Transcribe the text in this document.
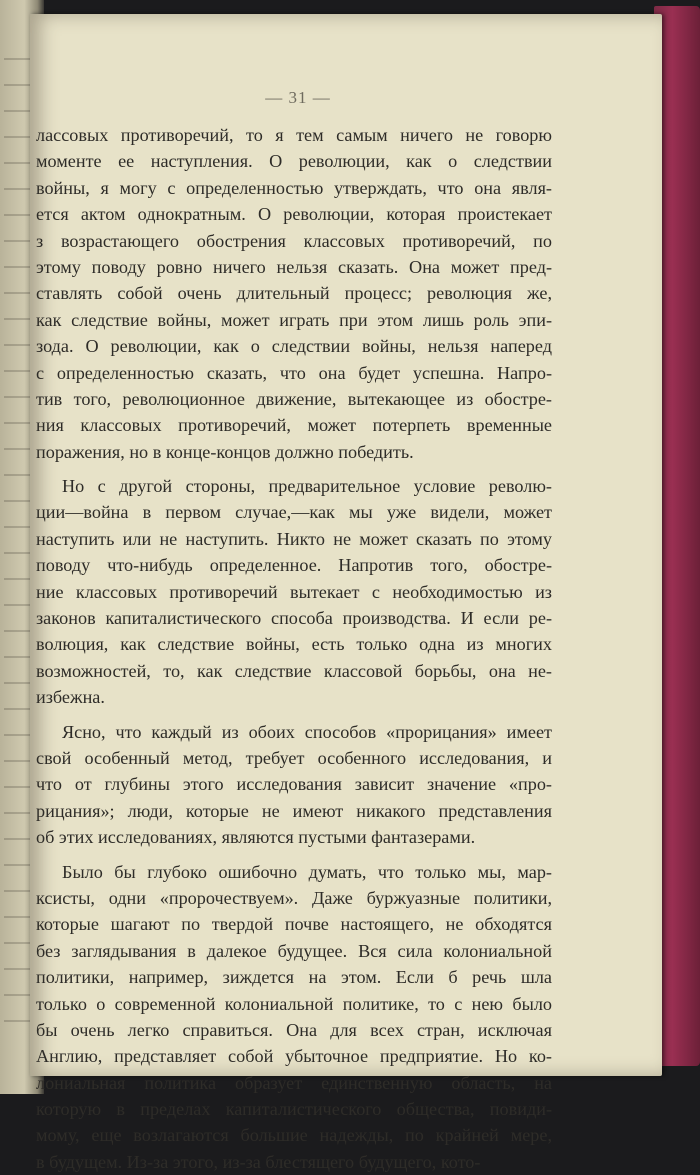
— 31 —
лассовых противоречий, то я тем самым ничего не говорю
моменте ее наступления. О революции, как о следствии
войны, я могу с определенностью утверждать, что она явля-
ется актом однократным. О революции, которая проистекает
з возрастающего обострения классовых противоречий, по
этому поводу ровно ничего нельзя сказать. Она может пред-
ставлять собой очень длительный процесс; революция же,
как следствие войны, может играть при этом лишь роль эпи-
зода. О революции, как о следствии войны, нельзя наперед
с определенностью сказать, что она будет успешна. Напро-
тив того, революционное движение, вытекающее из обостре-
ния классовых противоречий, может потерпеть временные
поражения, но в конце-концов должно победить.
Но с другой стороны, предварительное условие револю-
ции—война в первом случае,—как мы уже видели, может
наступить или не наступить. Никто не может сказать по этому
поводу что-нибудь определенное. Напротив того, обостре-
ние классовых противоречий вытекает с необходимостью из
законов капиталистического способа производства. И если ре-
волюция, как следствие войны, есть только одна из многих
возможностей, то, как следствие классовой борьбы, она не-
избежна.
Ясно, что каждый из обоих способов «прорицания» имеет
свой особенный метод, требует особенного исследования, и
что от глубины этого исследования зависит значение «про-
рицания»; люди, которые не имеют никакого представления
об этих исследованиях, являются пустыми фантазерами.
Было бы глубоко ошибочно думать, что только мы, мар-
ксисты, одни «пророчествуем». Даже буржуазные политики,
которые шагают по твердой почве настоящего, не обходятся
без заглядывания в далекое будущее. Вся сила колониальной
политики, например, зиждется на этом. Если б речь шла
только о современной колониальной политике, то с нею было
бы очень легко справиться. Она для всех стран, исключая
Англию, представляет собой убыточное предприятие. Но ко-
лониальная политика образует единственную область, на
которую в пределах капиталистического общества, повиди-
мому, еще возлагаются большие надежды, по крайней мере,
в будущем. Из-за этого, из-за блестящего будущего, кото-
